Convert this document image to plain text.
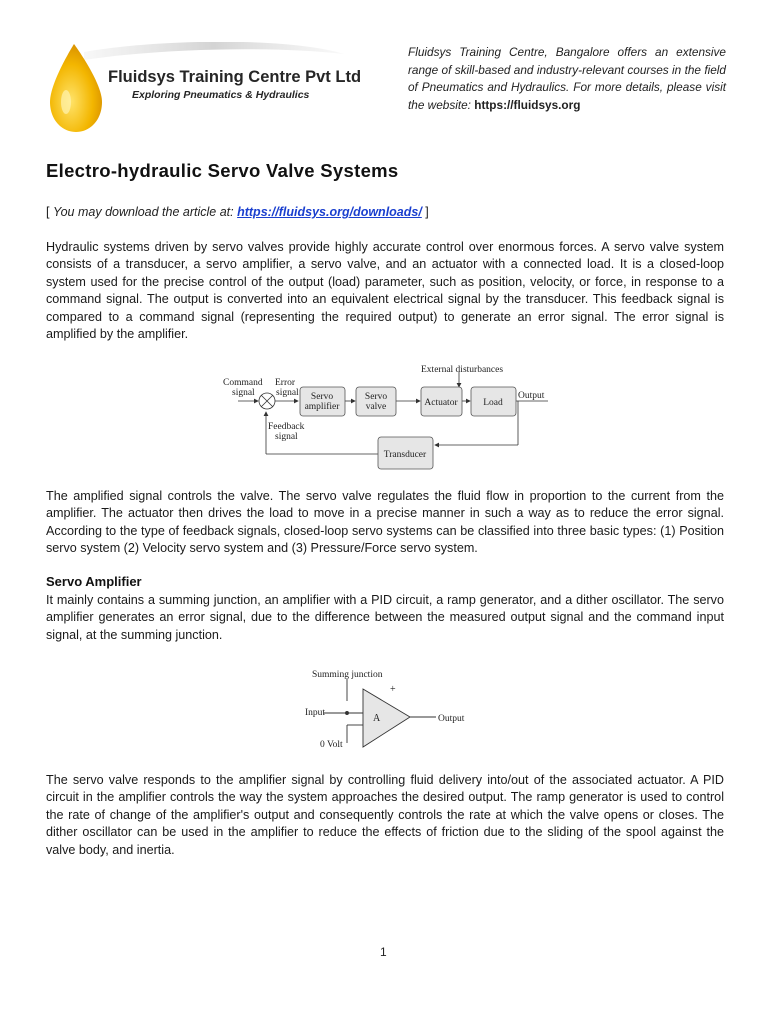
Fluidsys Training Centre Pvt Ltd
Exploring Pneumatics & Hydraulics
Fluidsys Training Centre, Bangalore offers an extensive range of skill-based and industry-relevant courses in the field of Pneumatics and Hydraulics. For more details, please visit the website: https://fluidsys.org
Electro-hydraulic Servo Valve Systems
[ You may download the article at: https://fluidsys.org/downloads/ ]

Hydraulic systems driven by servo valves provide highly accurate control over enormous forces. A servo valve system consists of a transducer, a servo amplifier, a servo valve, and an actuator with a connected load. It is a closed-loop system used for the precise control of the output (load) parameter, such as position, velocity, or force, in response to a command signal. The output is converted into an equivalent electrical signal by the transducer. This feedback signal is compared to a command signal (representing the required output) to generate an error signal. The error signal is amplified by the amplifier.

Command
signal
Error
signal Servo
amplifier
Servo
valve	Actuator	Load
Output
External disturbances
Feedback
signal
Transducer

The amplified signal controls the valve. The servo valve regulates the fluid flow in proportion to the current from the amplifier. The actuator then drives the load to move in a precise manner in such a way as to reduce the error signal. According to the type of feedback signals, closed-loop servo systems can be classified into three basic types: (1) Position servo system (2) Velocity servo system and (3) Pressure/Force servo system.

Servo Amplifier

It mainly contains a summing junction, an amplifier with a PID circuit, a ramp generator, and a dither oscillator. The servo amplifier generates an error signal, due to the difference between the measured output signal and the command input signal, at the summing junction.

Summing junction
Input	A
+
Output
0 Volt

The servo valve responds to the amplifier signal by controlling fluid delivery into/out of the associated actuator. A PID circuit in the amplifier controls the way the system approaches the desired output. The ramp generator is used to control the rate of change of the amplifier's output and consequently controls the rate at which the valve opens or closes. The dither oscillator can be used in the amplifier to reduce the effects of friction due to the sliding of the spool against the valve body, and inertia.

1
